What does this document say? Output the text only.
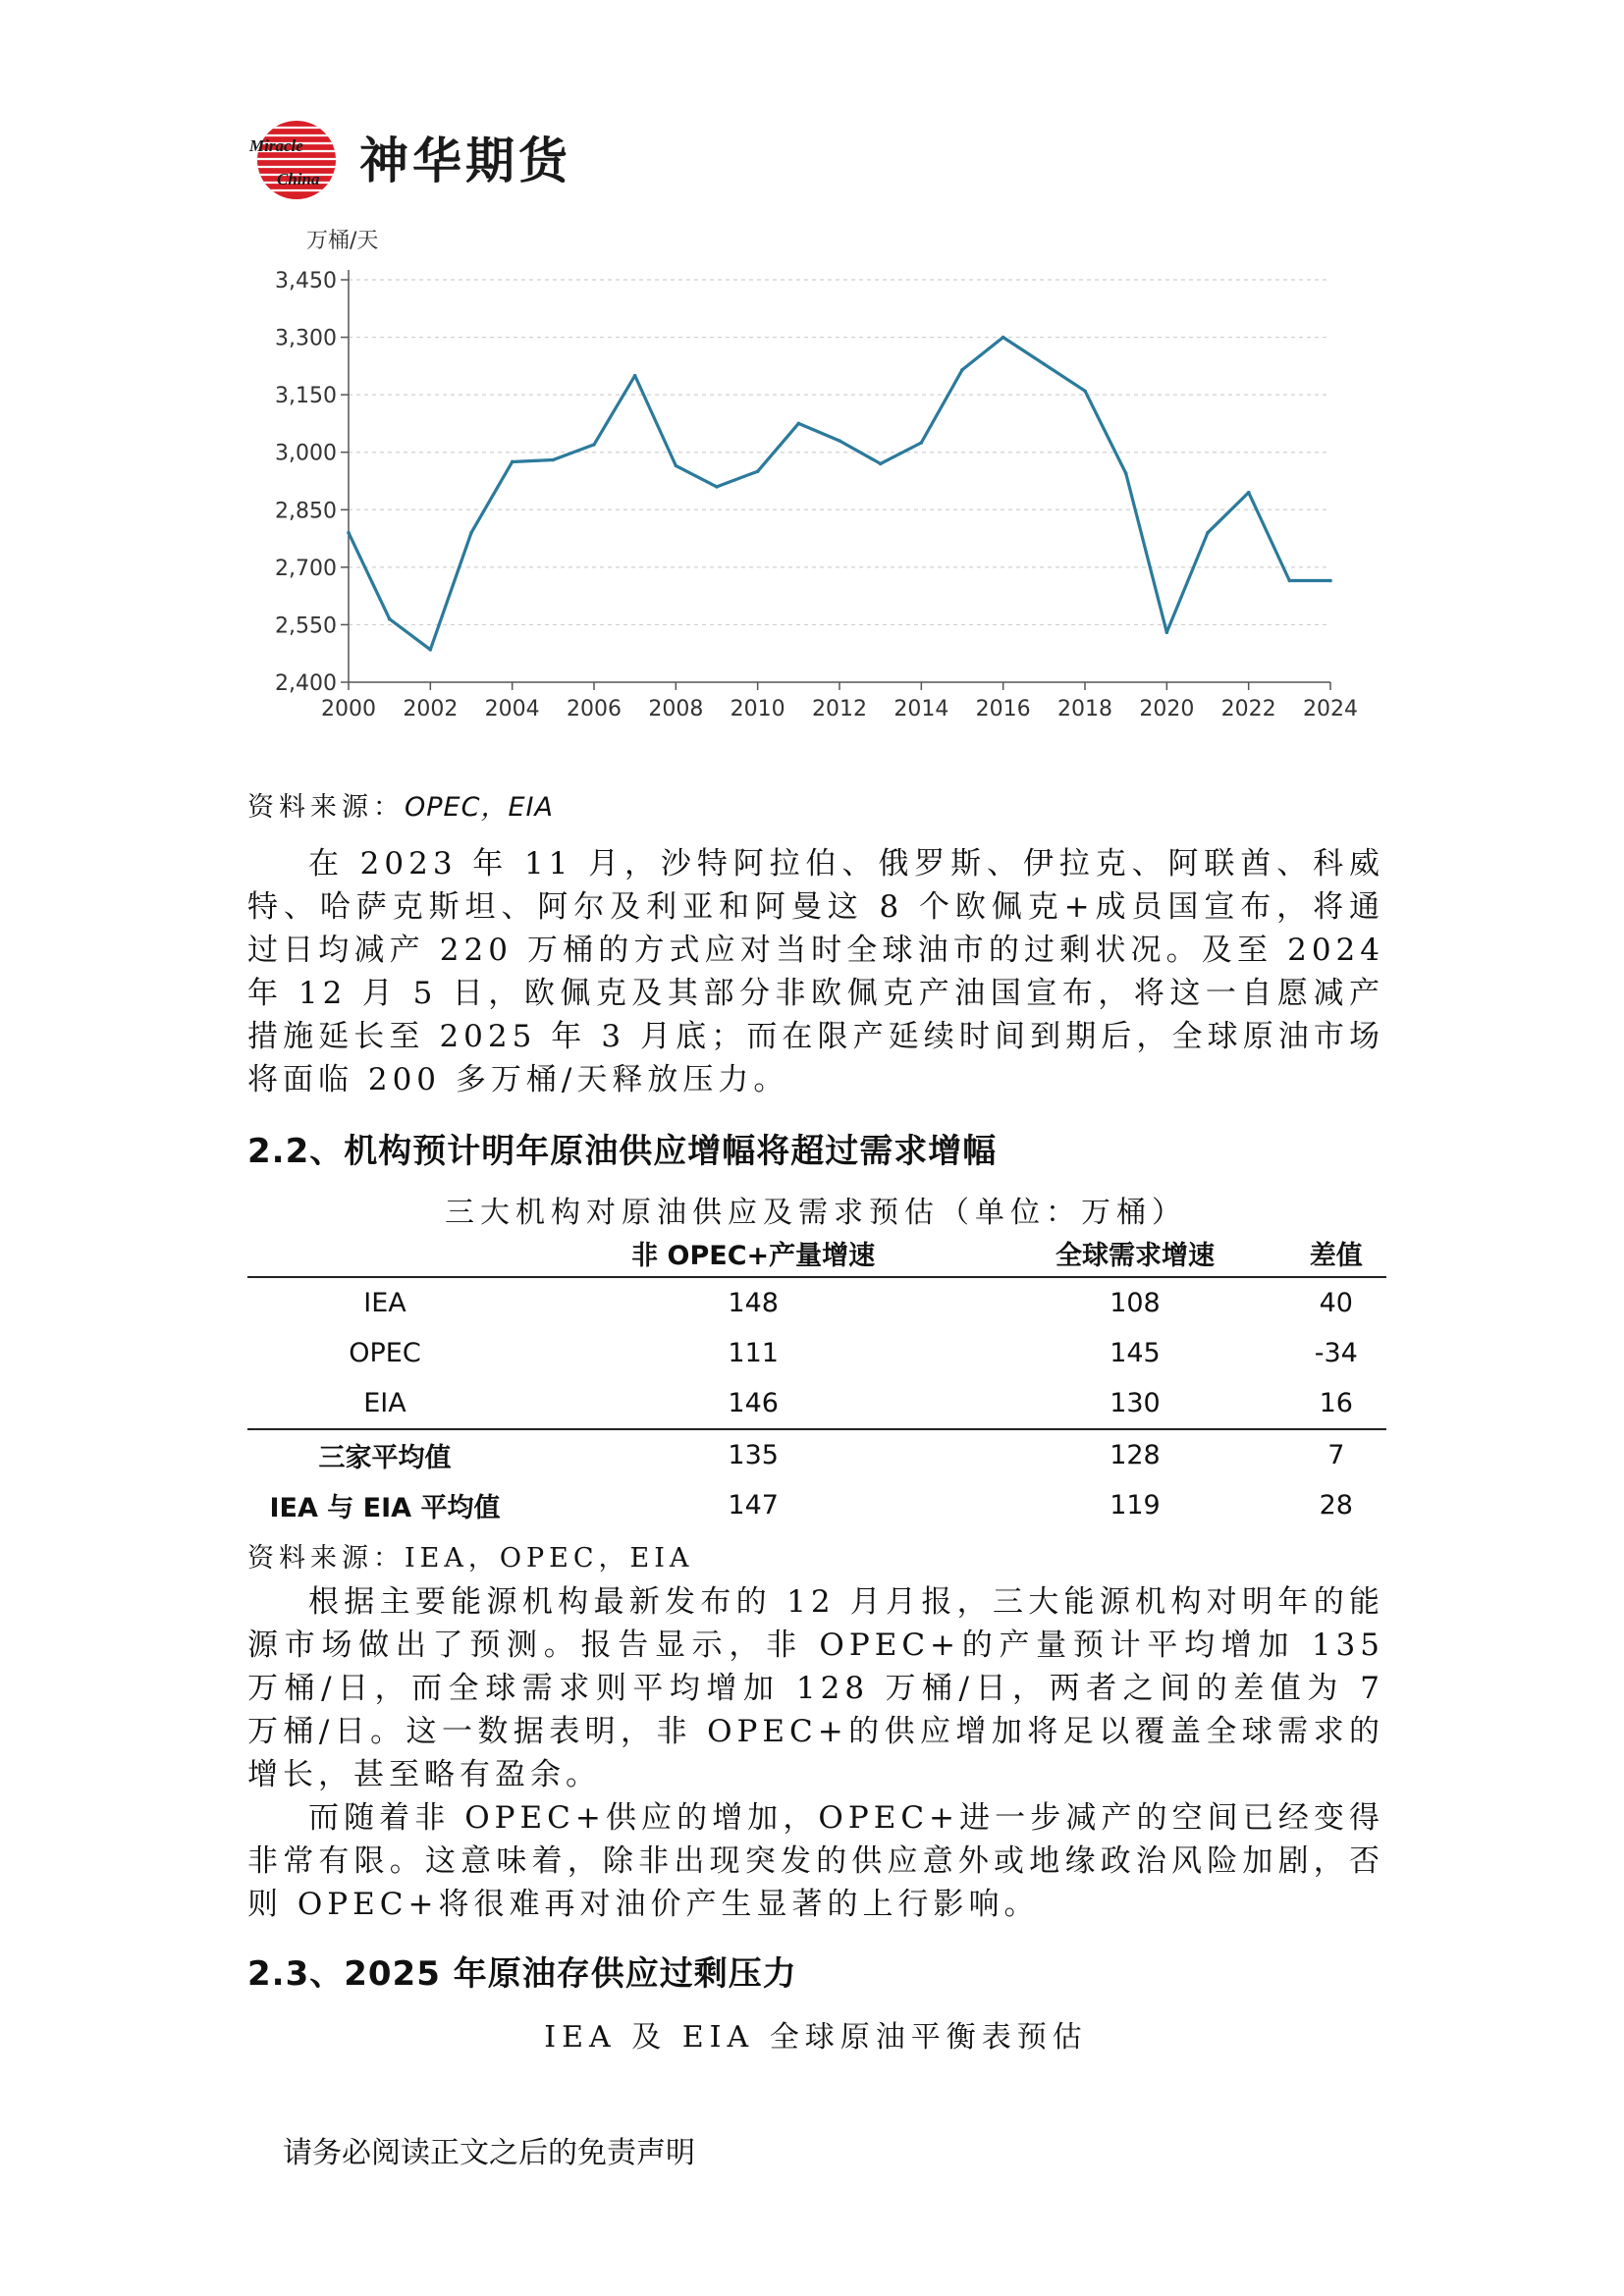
Miracle
China 神华期货
万桶/天
2,400
2,550
2,700
2,850
3,000
3,150
3,300
3,450
2000 2002 2004 2006 2008 2010 2012 2014 2016 2018 2020 2022 2024
资料来源：OPEC，EIA

在 2023 年 11 月，沙特阿拉伯、俄罗斯、伊拉克、阿联酋、科威特、哈萨克斯坦、阿尔及利亚和阿曼这 8 个欧佩克+成员国宣布，将通过日均减产 220 万桶的方式应对当时全球油市的过剩状况。及至 2024 年 12 月 5 日，欧佩克及其部分非欧佩克产油国宣布，将这一自愿减产措施延长至 2025 年 3 月底；而在限产延续时间到期后，全球原油市场将面临 200 多万桶/天释放压力。

2.2、机构预计明年原油供应增幅将超过需求增幅
三大机构对原油供应及需求预估（单位：万桶）
	非 OPEC+产量增速	全球需求增速	差值
IEA	148	108	40
OPEC	111	145	-34
EIA	146	130	16
三家平均值	135	128	7
IEA 与 EIA 平均值	147	119	28
资料来源：IEA，OPEC，EIA

根据主要能源机构最新发布的 12 月月报，三大能源机构对明年的能源市场做出了预测。报告显示，非 OPEC+的产量预计平均增加 135 万桶/日，而全球需求则平均增加 128 万桶/日，两者之间的差值为 7 万桶/日。这一数据表明，非 OPEC+的供应增加将足以覆盖全球需求的增长，甚至略有盈余。

而随着非 OPEC+供应的增加，OPEC+进一步减产的空间已经变得非常有限。这意味着，除非出现突发的供应意外或地缘政治风险加剧，否则 OPEC+将很难再对油价产生显著的上行影响。

2.3、2025 年原油存供应过剩压力
IEA 及 EIA 全球原油平衡表预估
请务必阅读正文之后的免责声明
